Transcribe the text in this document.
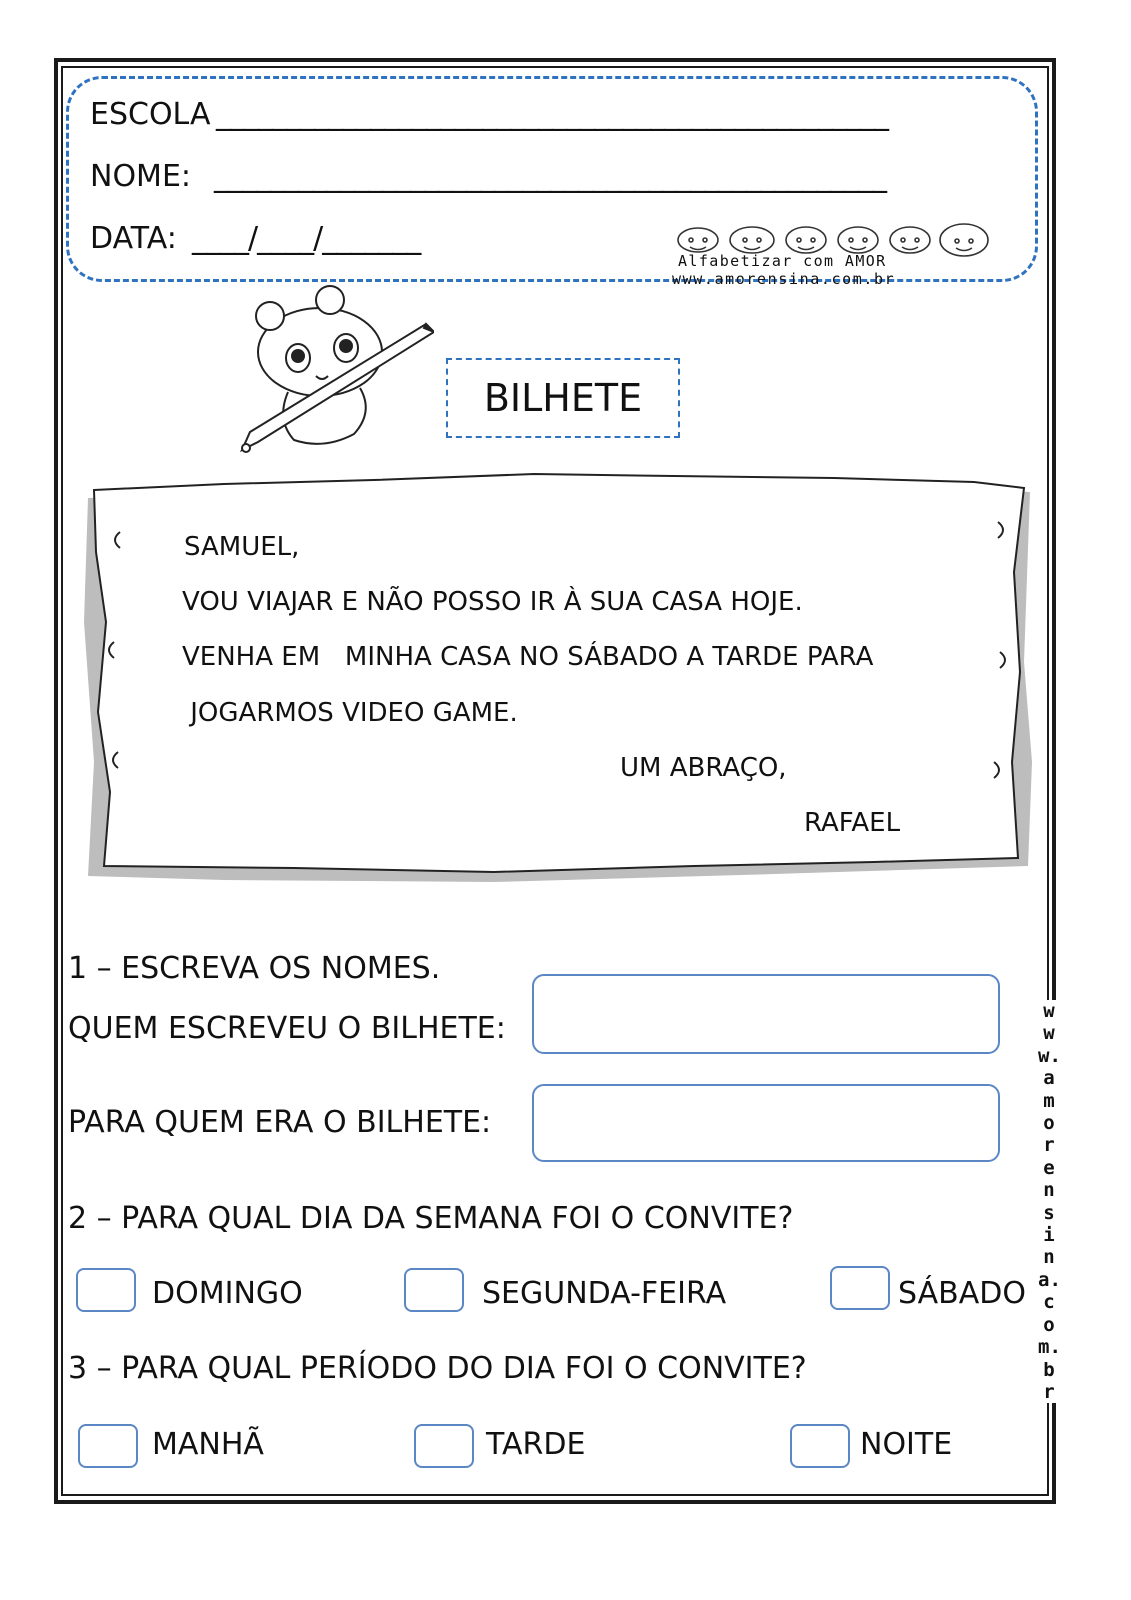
ESCOLA ________________________________________________
NOME: ________________________________________________
DATA: ____/____/_______
Alfabetizar com AMOR
www.amorensina.com.br
BILHETE
SAMUEL,
VOU VIAJAR E NÃO POSSO IR À SUA CASA HOJE.
VENHA EM   MINHA CASA NO SÁBADO A TARDE PARA
JOGARMOS VIDEO GAME.
UM ABRAÇO,
RAFAEL
1 – ESCREVA OS NOMES.
QUEM ESCREVEU O BILHETE:
PARA QUEM ERA O BILHETE:
2 – PARA QUAL DIA DA SEMANA FOI O CONVITE?
DOMINGO	SEGUNDA-FEIRA	SÁBADO
3 – PARA QUAL PERÍODO DO DIA FOI O CONVITE?
MANHÃ	TARDE	NOITE
www.amorensina.com.br
